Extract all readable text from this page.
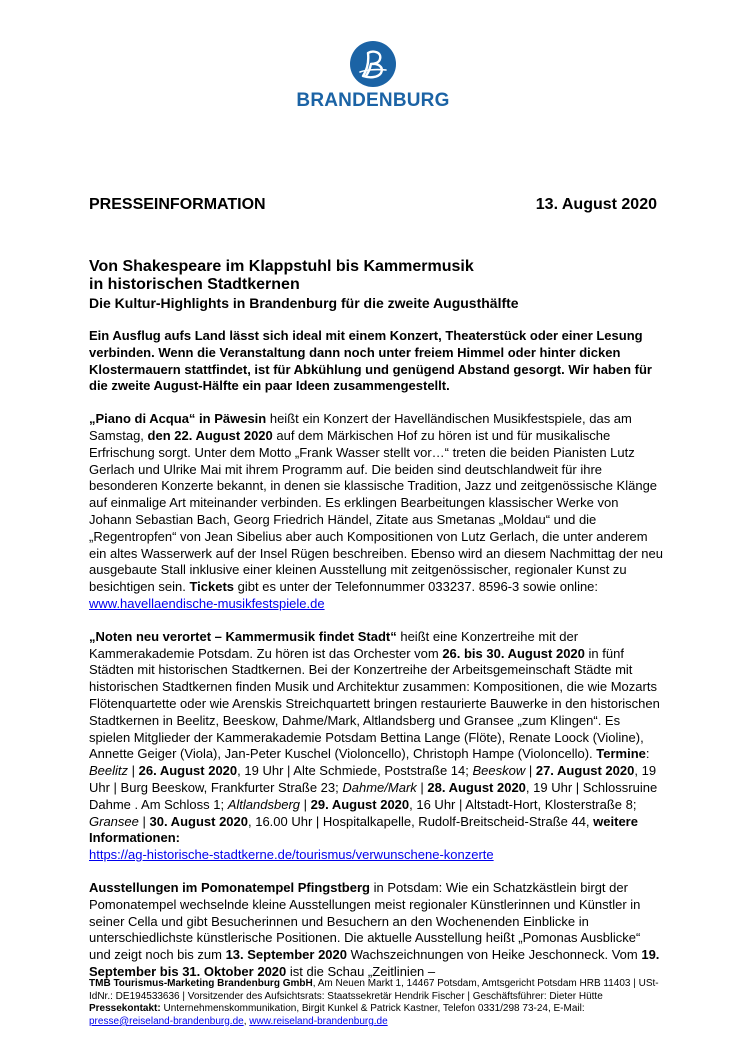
BRANDENBURG
PRESSEINFORMATION	13. August 2020

Von Shakespeare im Klappstuhl bis Kammermusik

in historischen Stadtkernen

Die Kultur-Highlights in Brandenburg für die zweite Augusthälfte

Ein Ausflug aufs Land lässt sich ideal mit einem Konzert, Theaterstück oder einer Lesung verbinden. Wenn die Veranstaltung dann noch unter freiem Himmel oder hinter dicken Klostermauern stattfindet, ist für Abkühlung und genügend Abstand gesorgt. Wir haben für die zweite August-Hälfte ein paar Ideen zusammengestellt.

„Piano di Acqua“ in Päwesin heißt ein Konzert der Havelländischen Musikfestspiele, das am Samstag, den 22. August 2020 auf dem Märkischen Hof zu hören ist und für musikalische Erfrischung sorgt. Unter dem Motto „Frank Wasser stellt vor…“ treten die beiden Pianisten Lutz Gerlach und Ulrike Mai mit ihrem Programm auf. Die beiden sind deutschlandweit für ihre besonderen Konzerte bekannt, in denen sie klassische Tradition, Jazz und zeitgenössische Klänge auf einmalige Art miteinander verbinden. Es erklingen Bearbeitungen klassischer Werke von Johann Sebastian Bach, Georg Friedrich Händel, Zitate aus Smetanas „Moldau“ und die „Regentropfen“ von Jean Sibelius aber auch Kompositionen von Lutz Gerlach, die unter anderem ein altes Wasserwerk auf der Insel Rügen beschreiben. Ebenso wird an diesem Nachmittag der neu ausgebaute Stall inklusive einer kleinen Ausstellung mit zeitgenössischer, regionaler Kunst zu besichtigen sein. Tickets gibt es unter der Telefonnummer 033237. 8596-3 sowie online:
www.havellaendische-musikfestspiele.de

„Noten neu verortet – Kammermusik findet Stadt“ heißt eine Konzertreihe mit der Kammerakademie Potsdam. Zu hören ist das Orchester vom 26. bis 30. August 2020 in fünf Städten mit historischen Stadtkernen. Bei der Konzertreihe der Arbeitsgemeinschaft Städte mit historischen Stadtkernen finden Musik und Architektur zusammen: Kompositionen, die wie Mozarts Flötenquartette oder wie Arenskis Streichquartett bringen restaurierte Bauwerke in den historischen Stadtkernen in Beelitz, Beeskow, Dahme/Mark, Altlandsberg und Gransee „zum Klingen“. Es spielen Mitglieder der Kammerakademie Potsdam Bettina Lange (Flöte), Renate Loock (Violine), Annette Geiger (Viola), Jan-Peter Kuschel (Violoncello), Christoph Hampe (Violoncello). Termine: Beelitz | 26. August 2020, 19 Uhr | Alte Schmiede, Poststraße 14; Beeskow | 27. August 2020, 19 Uhr | Burg Beeskow, Frankfurter Straße 23; Dahme/Mark | 28. August 2020, 19 Uhr | Schlossruine Dahme . Am Schloss 1; Altlandsberg | 29. August 2020, 16 Uhr | Altstadt-Hort, Klosterstraße 8; Gransee | 30. August 2020, 16.00 Uhr | Hospitalkapelle, Rudolf-Breitscheid-Straße 44, weitere Informationen:
https://ag-historische-stadtkerne.de/tourismus/verwunschene-konzerte

Ausstellungen im Pomonatempel Pfingstberg in Potsdam: Wie ein Schatzkästlein birgt der Pomonatempel wechselnde kleine Ausstellungen meist regionaler Künstlerinnen und Künstler in seiner Cella und gibt Besucherinnen und Besuchern an den Wochenenden Einblicke in unterschiedlichste künstlerische Positionen. Die aktuelle Ausstellung heißt „Pomonas Ausblicke“ und zeigt noch bis zum 13. September 2020 Wachszeichnungen von Heike Jeschonneck. Vom 19. September bis 31. Oktober 2020 ist die Schau „Zeitlinien –

TMB Tourismus-Marketing Brandenburg GmbH, Am Neuen Markt 1, 14467 Potsdam, Amtsgericht Potsdam HRB 11403 | USt-IdNr.: DE194533636 | Vorsitzender des Aufsichtsrats: Staatssekretär Hendrik Fischer | Geschäftsführer: Dieter Hütte Pressekontakt: Unternehmenskommunikation, Birgit Kunkel & Patrick Kastner, Telefon 0331/298 73-24, E-Mail: presse@reiseland-brandenburg.de, www.reiseland-brandenburg.de
